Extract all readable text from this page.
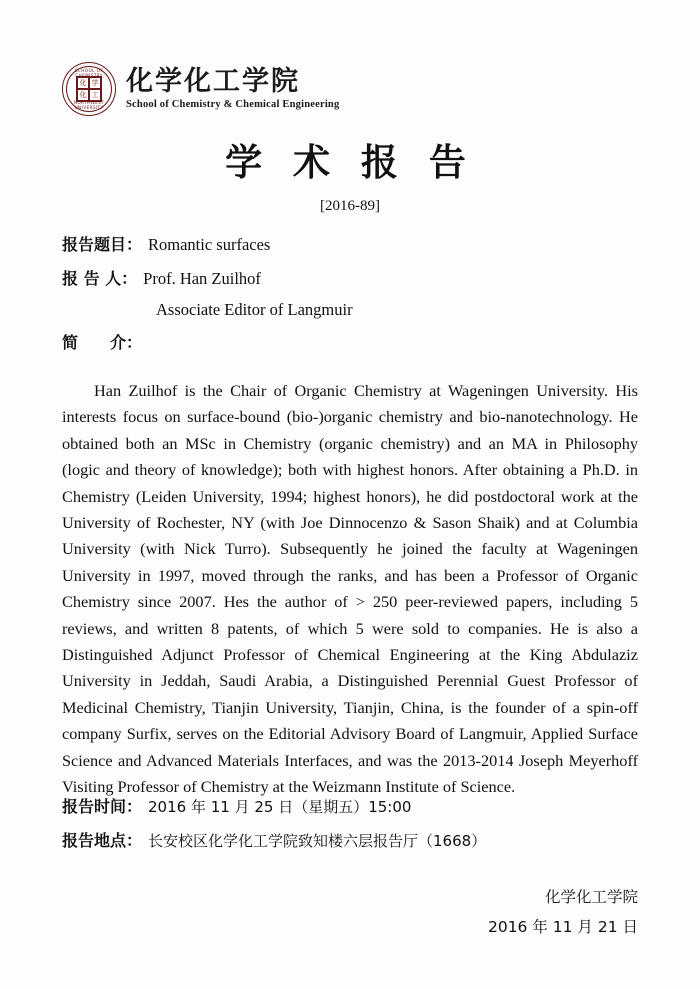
SCHOOL OF CHEMISTRY
NORTHWEST UNIVERSITY
化 学
化 工 化学化工学院
School of Chemistry & Chemical Engineering
学 术 报 告
[2016-89]
报告题目： Romantic surfaces
报 告 人： Prof. Han Zuilhof
Associate Editor of Langmuir
简　　介：
Han Zuilhof is the Chair of Organic Chemistry at Wageningen University. His interests focus on surface-bound (bio-)organic chemistry and bio-nanotechnology. He obtained both an MSc in Chemistry (organic chemistry) and an MA in Philosophy (logic and theory of knowledge); both with highest honors. After obtaining a Ph.D. in Chemistry (Leiden University, 1994; highest honors), he did postdoctoral work at the University of Rochester, NY (with Joe Dinnocenzo & Sason Shaik) and at Columbia University (with Nick Turro). Subsequently he joined the faculty at Wageningen University in 1997, moved through the ranks, and has been a Professor of Organic Chemistry since 2007. Hes the author of > 250 peer-reviewed papers, including 5 reviews, and written 8 patents, of which 5 were sold to companies. He is also a Distinguished Adjunct Professor of Chemical Engineering at the King Abdulaziz University in Jeddah, Saudi Arabia, a Distinguished Perennial Guest Professor of Medicinal Chemistry, Tianjin University, Tianjin, China, is the founder of a spin-off company Surfix, serves on the Editorial Advisory Board of Langmuir, Applied Surface Science and Advanced Materials Interfaces, and was the 2013-2014 Joseph Meyerhoff Visiting Professor of Chemistry at the Weizmann Institute of Science.
报告时间： 2016 年 11 月 25 日（星期五）15:00
报告地点： 长安校区化学化工学院致知楼六层报告厅（1668）
化学化工学院
2016 年 11 月 21 日
